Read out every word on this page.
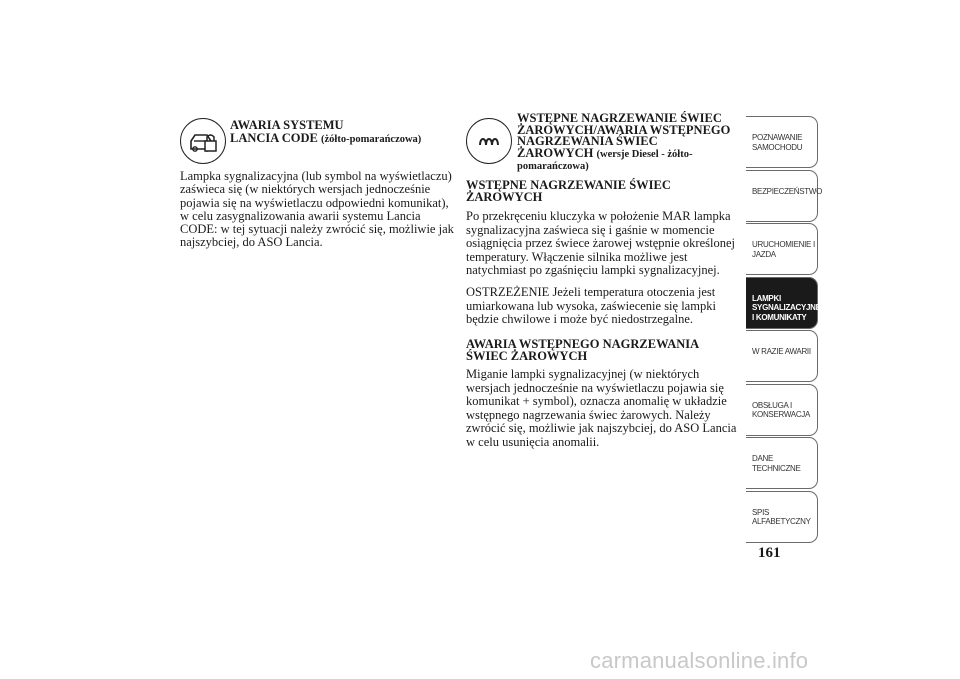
AWARIA SYSTEMU
LANCIA CODE (żółto-pomarańczowa)
Lampka sygnalizacyjna (lub symbol na wyświetlaczu) zaświeca się (w niektórych wersjach jednocześnie pojawia się na wyświetlaczu odpowiedni komunikat), w celu zasygnalizowania awarii systemu Lancia CODE: w tej sytuacji należy zwrócić się, możliwie jak najszybciej, do ASO Lancia.
WSTĘPNE NAGRZEWANIE ŚWIEC ŻAROWYCH/AWARIA WSTĘPNEGO NAGRZEWANIA ŚWIEC ŻAROWYCH (wersje Diesel - żółto-pomarańczowa)
WSTĘPNE NAGRZEWANIE ŚWIEC ŻAROWYCH
Po przekręceniu kluczyka w położenie MAR lampka sygnalizacyjna zaświeca się i gaśnie w momencie osiągnięcia przez świece żarowej wstępnie określonej temperatury. Włączenie silnika możliwe jest natychmiast po zgaśnięciu lampki sygnalizacyjnej.
OSTRZEŻENIE Jeżeli temperatura otoczenia jest umiarkowana lub wysoka, zaświecenie się lampki będzie chwilowe i może być niedostrzegalne.
AWARIA WSTĘPNEGO NAGRZEWANIA ŚWIEC ŻAROWYCH
Miganie lampki sygnalizacyjnej (w niektórych wersjach jednocześnie na wyświetlaczu pojawia się komunikat + symbol), oznacza anomalię w układzie wstępnego nagrzewania świec żarowych. Należy zwrócić się, możliwie jak najszybciej, do ASO Lancia w celu usunięcia anomalii.
POZNAWANIE SAMOCHODU
BEZPIECZEŃSTWO
URUCHOMIENIE I JAZDA
LAMPKI SYGNALIZACYJNE I KOMUNIKATY
W RAZIE AWARII
OBSŁUGA I KONSERWACJA
DANE TECHNICZNE
SPIS ALFABETYCZNY
161
carmanualsonline.info
